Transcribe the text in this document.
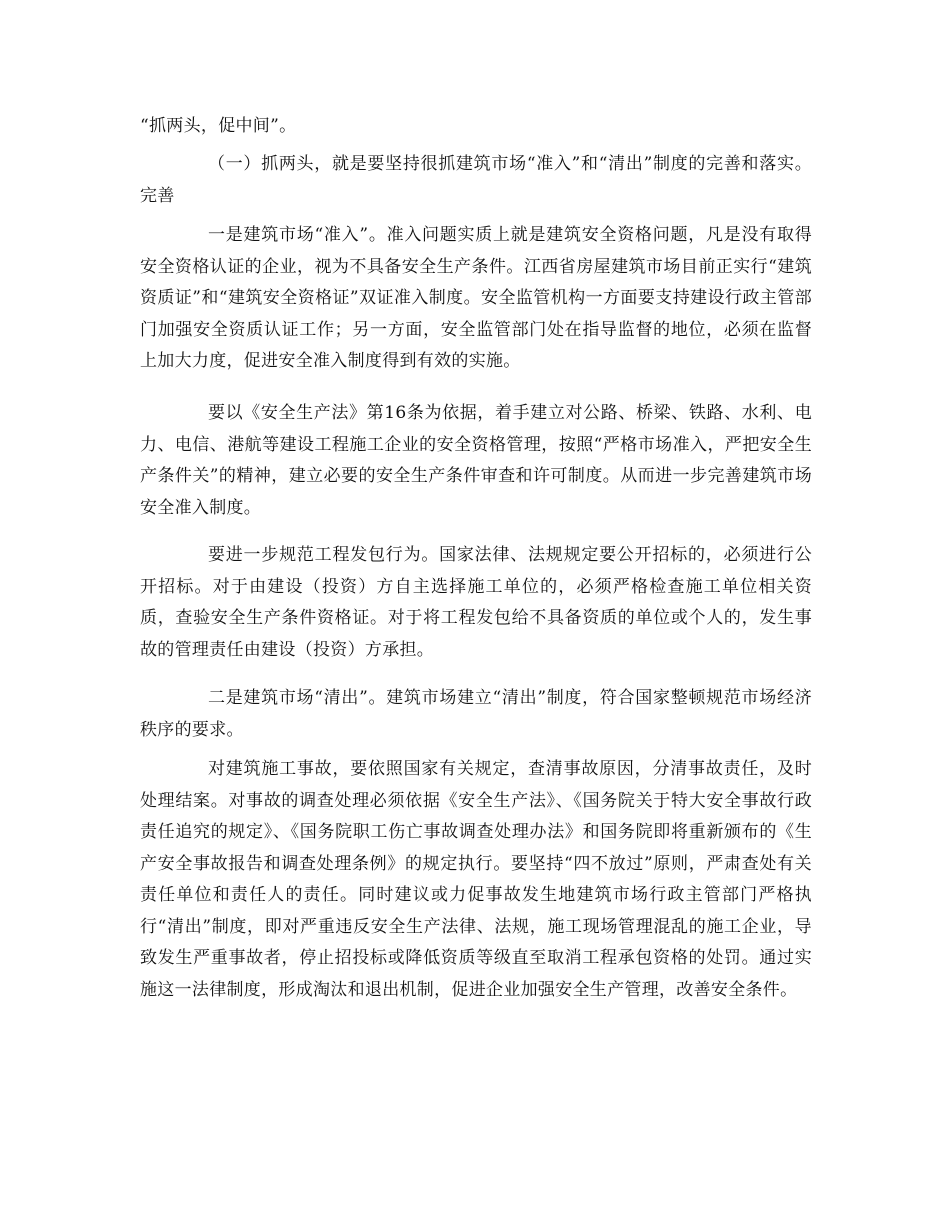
“抓两头，促中间”。

（一）抓两头，就是要坚持很抓建筑市场“准入”和“清出”制度的完善和落实。完善

一是建筑市场“准入”。准入问题实质上就是建筑安全资格问题，凡是没有取得安全资格认证的企业，视为不具备安全生产条件。江西省房屋建筑市场目前正实行“建筑资质证”和“建筑安全资格证”双证准入制度。安全监管机构一方面要支持建设行政主管部门加强安全资质认证工作；另一方面，安全监管部门处在指导监督的地位，必须在监督上加大力度，促进安全准入制度得到有效的实施。

要以《安全生产法》第16条为依据，着手建立对公路、桥梁、铁路、水利、电力、电信、港航等建设工程施工企业的安全资格管理，按照“严格市场准入，严把安全生产条件关”的精神，建立必要的安全生产条件审查和许可制度。从而进一步完善建筑市场安全准入制度。

要进一步规范工程发包行为。国家法律、法规规定要公开招标的，必须进行公开招标。对于由建设（投资）方自主选择施工单位的，必须严格检查施工单位相关资质，查验安全生产条件资格证。对于将工程发包给不具备资质的单位或个人的，发生事故的管理责任由建设（投资）方承担。

二是建筑市场“清出”。建筑市场建立“清出”制度，符合国家整顿规范市场经济秩序的要求。

对建筑施工事故，要依照国家有关规定，查清事故原因，分清事故责任，及时处理结案。对事故的调查处理必须依据《安全生产法》、《国务院关于特大安全事故行政责任追究的规定》、《国务院职工伤亡事故调查处理办法》和国务院即将重新颁布的《生产安全事故报告和调查处理条例》的规定执行。要坚持“四不放过”原则，严肃查处有关责任单位和责任人的责任。同时建议或力促事故发生地建筑市场行政主管部门严格执行“清出”制度，即对严重违反安全生产法律、法规，施工现场管理混乱的施工企业，导致发生严重事故者，停止招投标或降低资质等级直至取消工程承包资格的处罚。通过实施这一法律制度，形成淘汰和退出机制，促进企业加强安全生产管理，改善安全条件。
